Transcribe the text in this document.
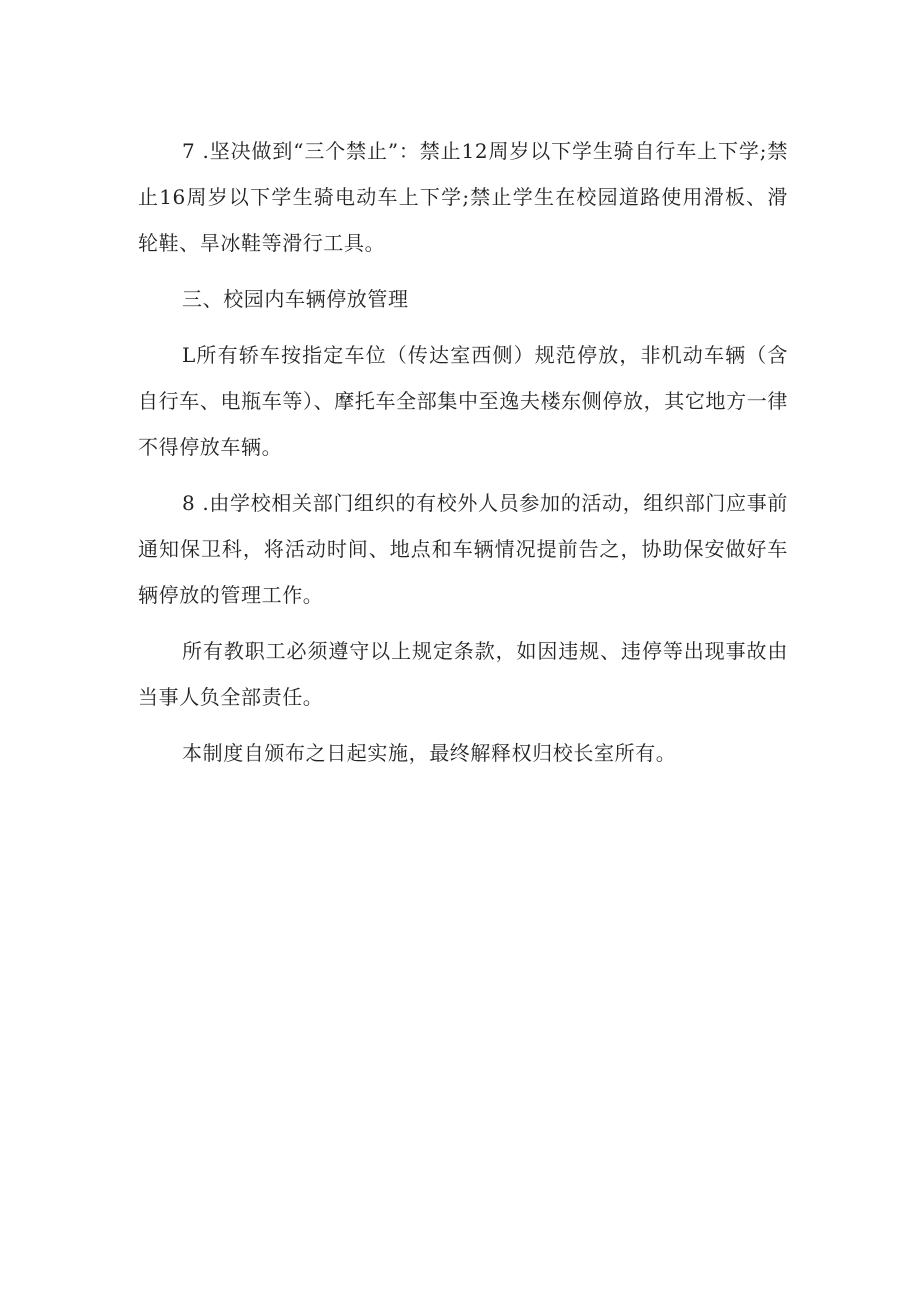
7 .坚决做到“三个禁止”：禁止12周岁以下学生骑自行车上下学;禁止16周岁以下学生骑电动车上下学;禁止学生在校园道路使用滑板、滑轮鞋、旱冰鞋等滑行工具。

三、校园内车辆停放管理

L所有轿车按指定车位（传达室西侧）规范停放，非机动车辆（含自行车、电瓶车等）、摩托车全部集中至逸夫楼东侧停放，其它地方一律不得停放车辆。

8 .由学校相关部门组织的有校外人员参加的活动，组织部门应事前通知保卫科，将活动时间、地点和车辆情况提前告之，协助保安做好车辆停放的管理工作。

所有教职工必须遵守以上规定条款，如因违规、违停等出现事故由当事人负全部责任。

本制度自颁布之日起实施，最终解释权归校长室所有。
